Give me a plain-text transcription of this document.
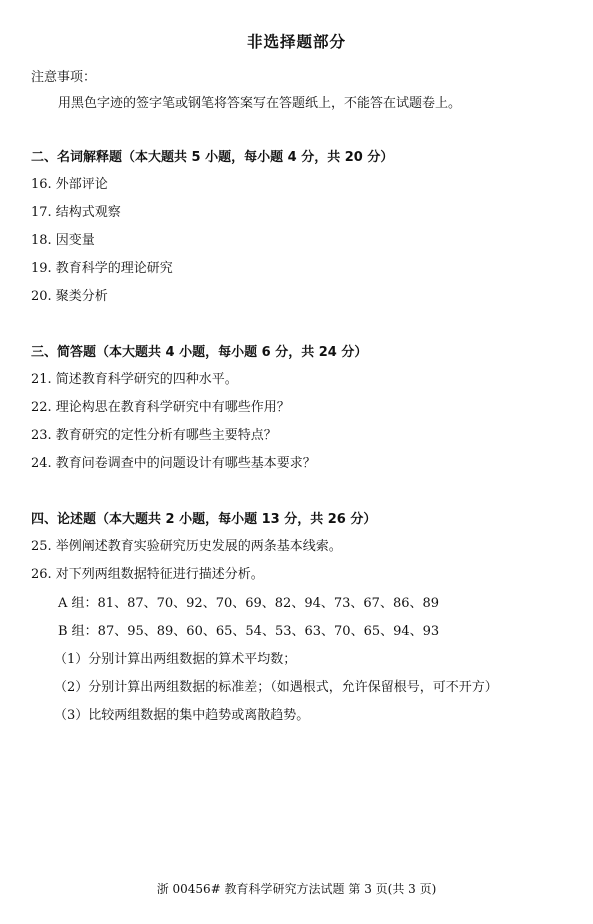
非选择题部分
注意事项：
用黑色字迹的签字笔或钢笔将答案写在答题纸上，不能答在试题卷上。
二、名词解释题（本大题共 5 小题，每小题 4 分，共 20 分）
16. 外部评论
17. 结构式观察
18. 因变量
19. 教育科学的理论研究
20. 聚类分析
三、简答题（本大题共 4 小题，每小题 6 分，共 24 分）
21. 简述教育科学研究的四种水平。
22. 理论构思在教育科学研究中有哪些作用？
23. 教育研究的定性分析有哪些主要特点？
24. 教育问卷调查中的问题设计有哪些基本要求？
四、论述题（本大题共 2 小题，每小题 13 分，共 26 分）
25. 举例阐述教育实验研究历史发展的两条基本线索。
26. 对下列两组数据特征进行描述分析。
A 组：81、87、70、92、70、69、82、94、73、67、86、89
B 组：87、95、89、60、65、54、53、63、70、65、94、93
（1）分别计算出两组数据的算术平均数；
（2）分别计算出两组数据的标准差；（如遇根式，允许保留根号，可不开方）
（3）比较两组数据的集中趋势或离散趋势。
浙 00456# 教育科学研究方法试题 第 3 页(共 3 页)
